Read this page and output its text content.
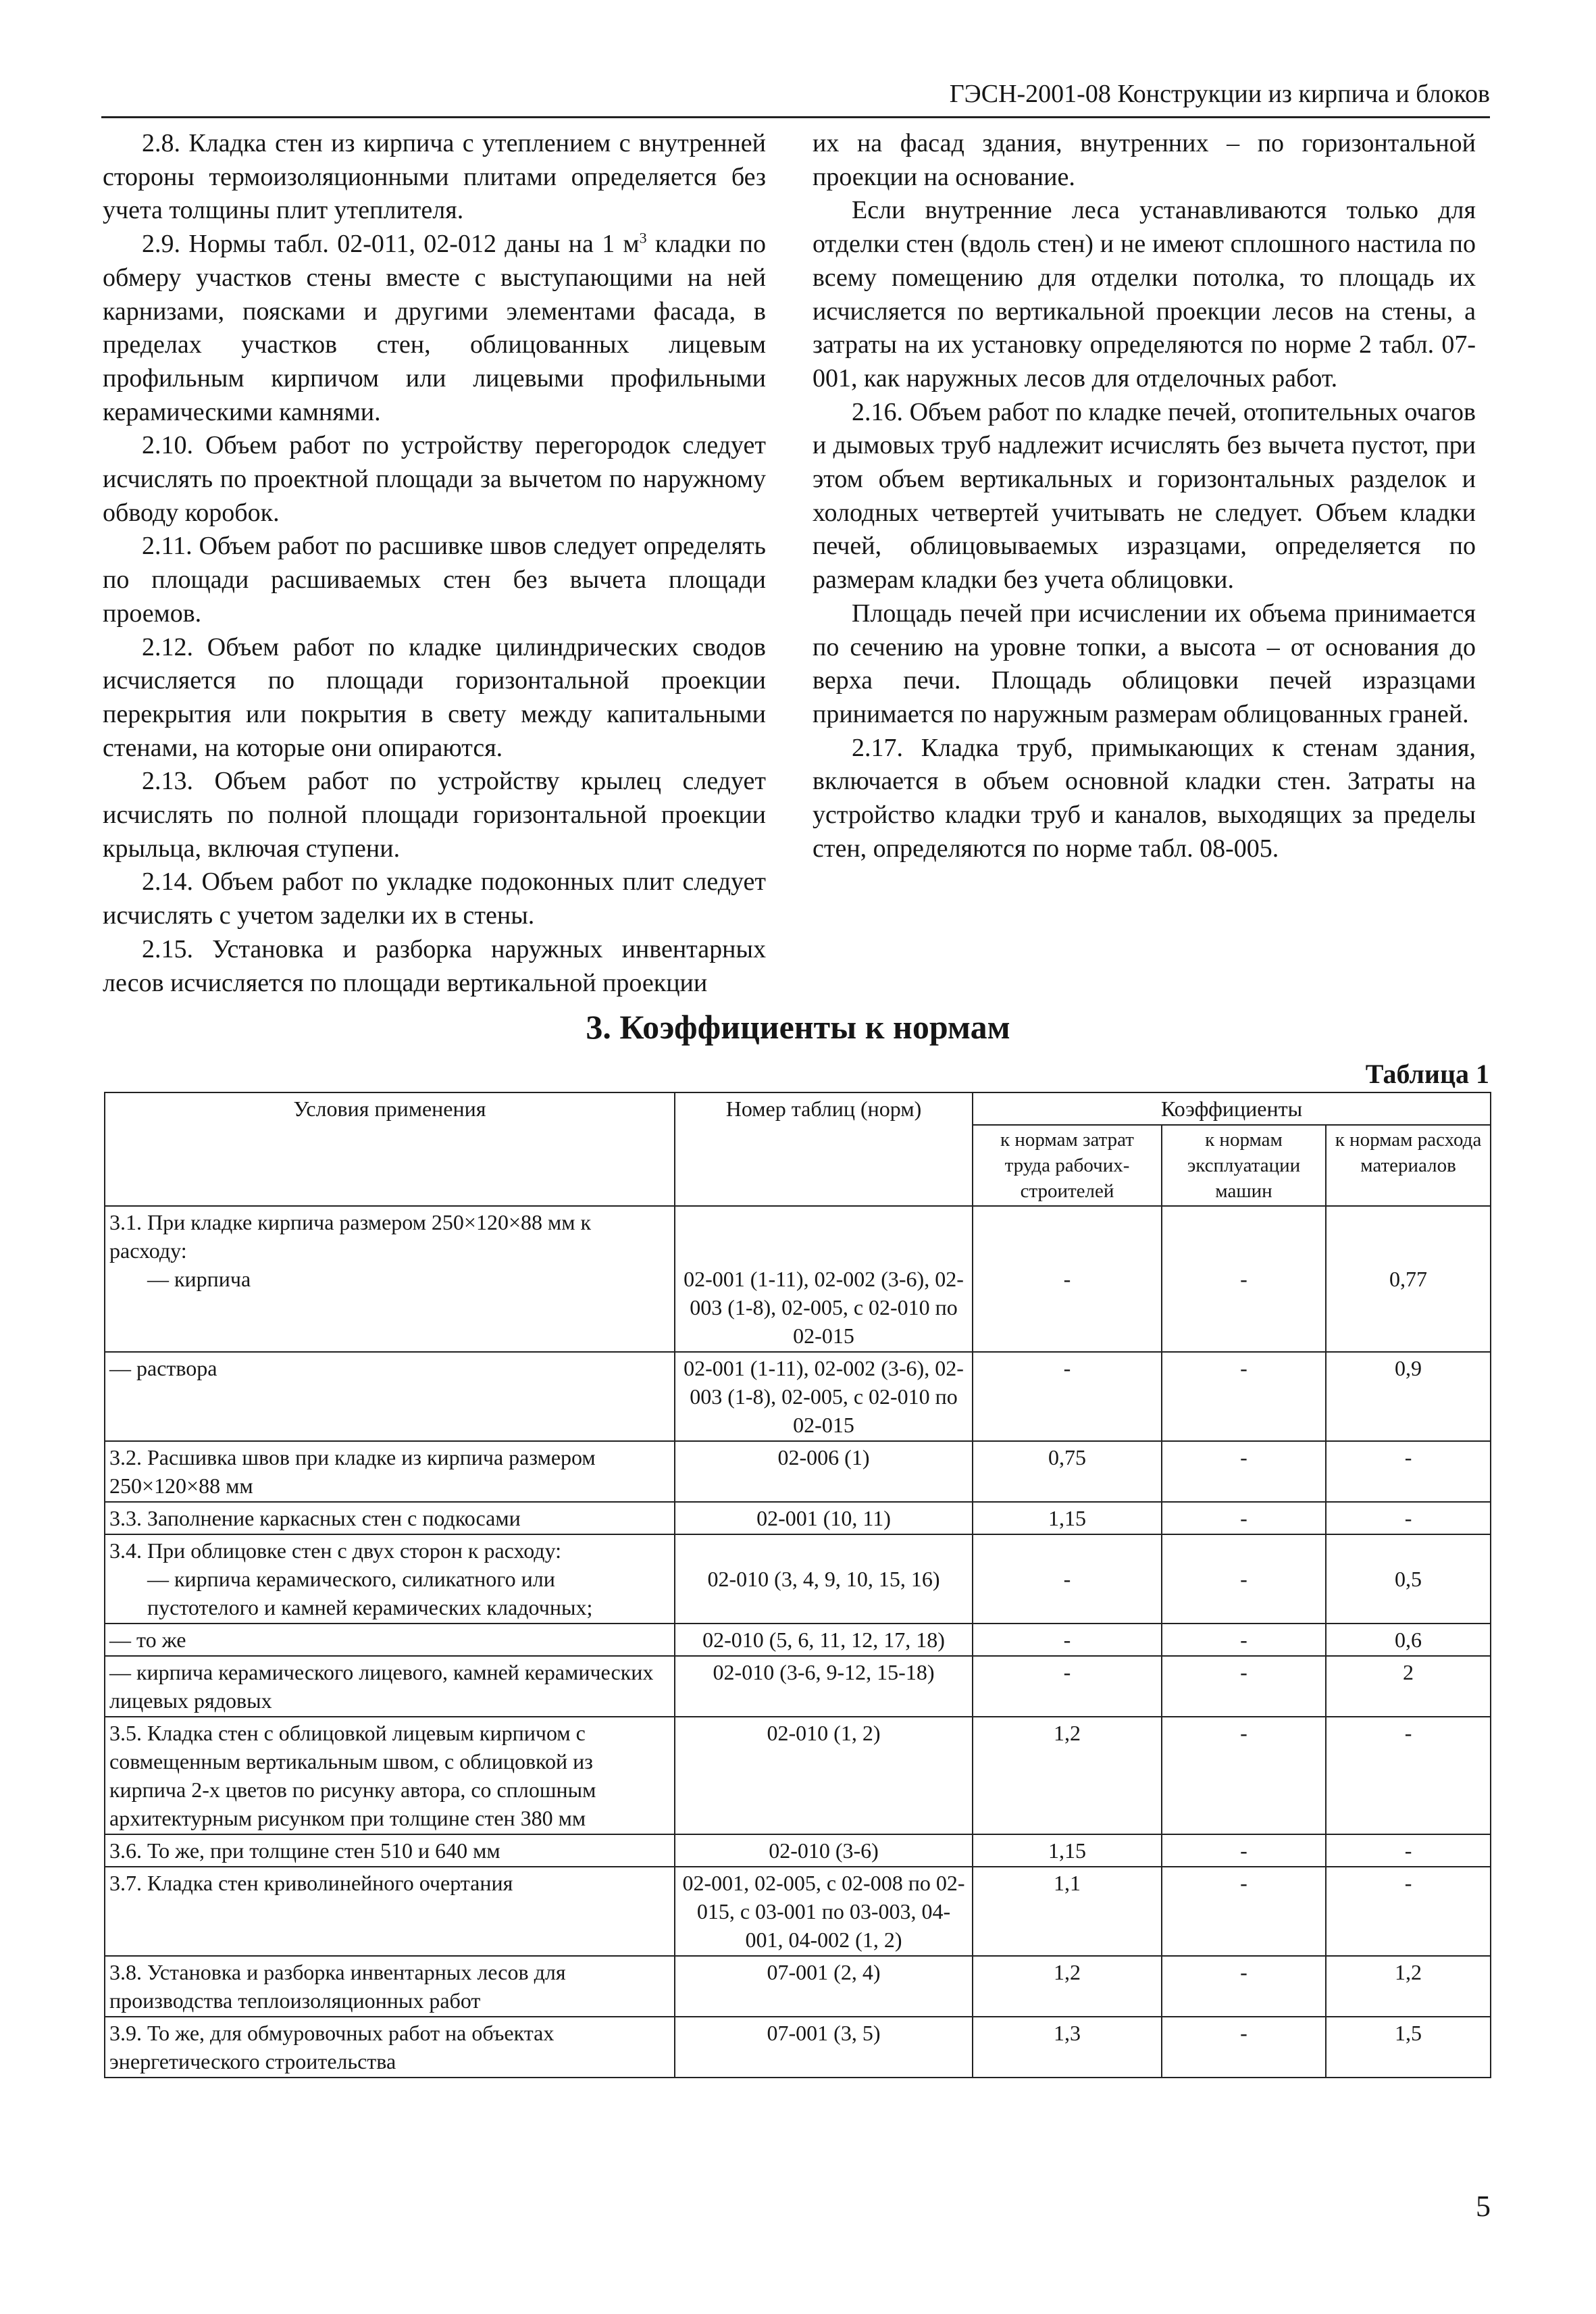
ГЭСН-2001-08 Конструкции из кирпича и блоков

2.8. Кладка стен из кирпича с утеплением с внутренней стороны термоизоляционными плитами определяется без учета толщины плит утеплителя.

2.9. Нормы табл. 02-011, 02-012 даны на 1 $м^3$ кладки по обмеру участков стены вместе с выступающими на ней карнизами, поясками и другими элементами фасада, в пределах участков стен, облицованных лицевым профильным кирпичом или лицевыми профильными керамическими камнями.

2.10. Объем работ по устройству перегородок следует исчислять по проектной площади за вычетом по наружному обводу коробок.

2.11. Объем работ по расшивке швов следует определять по площади расшиваемых стен без вычета площади проемов.

2.12. Объем работ по кладке цилиндрических сводов исчисляется по площади горизонтальной проекции перекрытия или покрытия в свету между капитальными стенами, на которые они опираются.

2.13. Объем работ по устройству крылец следует исчислять по полной площади горизонтальной проекции крыльца, включая ступени.

2.14. Объем работ по укладке подоконных плит следует исчислять с учетом заделки их в стены.

2.15. Установка и разборка наружных инвентарных лесов исчисляется по площади вертикальной проекции

их на фасад здания, внутренних – по горизонтальной проекции на основание.

Если внутренние леса устанавливаются только для отделки стен (вдоль стен) и не имеют сплошного настила по всему помещению для отделки потолка, то площадь их исчисляется по вертикальной проекции лесов на стены, а затраты на их установку определяются по норме 2 табл. 07-001, как наружных лесов для отделочных работ.

2.16. Объем работ по кладке печей, отопительных очагов и дымовых труб надлежит исчислять без вычета пустот, при этом объем вертикальных и горизонтальных разделок и холодных четвертей учитывать не следует. Объем кладки печей, облицовываемых изразцами, определяется по размерам кладки без учета облицовки.

Площадь печей при исчислении их объема принимается по сечению на уровне топки, а высота – от основания до верха печи. Площадь облицовки печей изразцами принимается по наружным размерам облицованных граней.

2.17. Кладка труб, примыкающих к стенам здания, включается в объем основной кладки стен. Затраты на устройство кладки труб и каналов, выходящих за пределы стен, определяются по норме табл. 08-005.

3. Коэффициенты к нормам
Таблица 1
Условия применения	Номер таблиц (норм)	Коэффициенты		
		к нормам затрат труда рабочих-строителей	к нормам эксплуатации машин	к нормам расхода материалов

3.1. При кладке кирпича размером 250×120×88 мм к расходу:
— кирпича	02-001 (1-11), 02-002 (3-6), 02-003 (1-8), 02-005, с 02-010 по 02-015	-	-	0,77

— раствора	02-001 (1-11), 02-002 (3-6), 02-003 (1-8), 02-005, с 02-010 по 02-015	-	-	0,9
3.2. Расшивка швов при кладке из кирпича размером 250×120×88 мм	02-006 (1)	0,75	-	-
3.3. Заполнение каркасных стен с подкосами	02-001 (10, 11)	1,15	-	-

3.4. При облицовке стен с двух сторон к расходу:
— кирпича керамического, силикатного или пустотелого и камней керамических кладочных;	02-010 (3, 4, 9, 10, 15, 16)	-	-	0,5

— то же	02-010 (5, 6, 11, 12, 17, 18)	-	-	0,6
— кирпича керамического лицевого, камней керамических лицевых рядовых	02-010 (3-6, 9-12, 15-18)	-	-	2
3.5. Кладка стен с облицовкой лицевым кирпичом с совмещенным вертикальным швом, с облицовкой из кирпича 2-х цветов по рисунку автора, со сплошным архитектурным рисунком при толщине стен 380 мм	02-010 (1, 2)	1,2	-	-
3.6. То же, при толщине стен 510 и 640 мм	02-010 (3-6)	1,15	-	-
3.7. Кладка стен криволинейного очертания	02-001, 02-005, с 02-008 по 02-015, с 03-001 по 03-003, 04-001, 04-002 (1, 2)	1,1	-	-
3.8. Установка и разборка инвентарных лесов для производства теплоизоляционных работ	07-001 (2, 4)	1,2	-	1,2
3.9. То же, для обмуровочных работ на объектах энергетического строительства	07-001 (3, 5)	1,3	-	1,5
5
